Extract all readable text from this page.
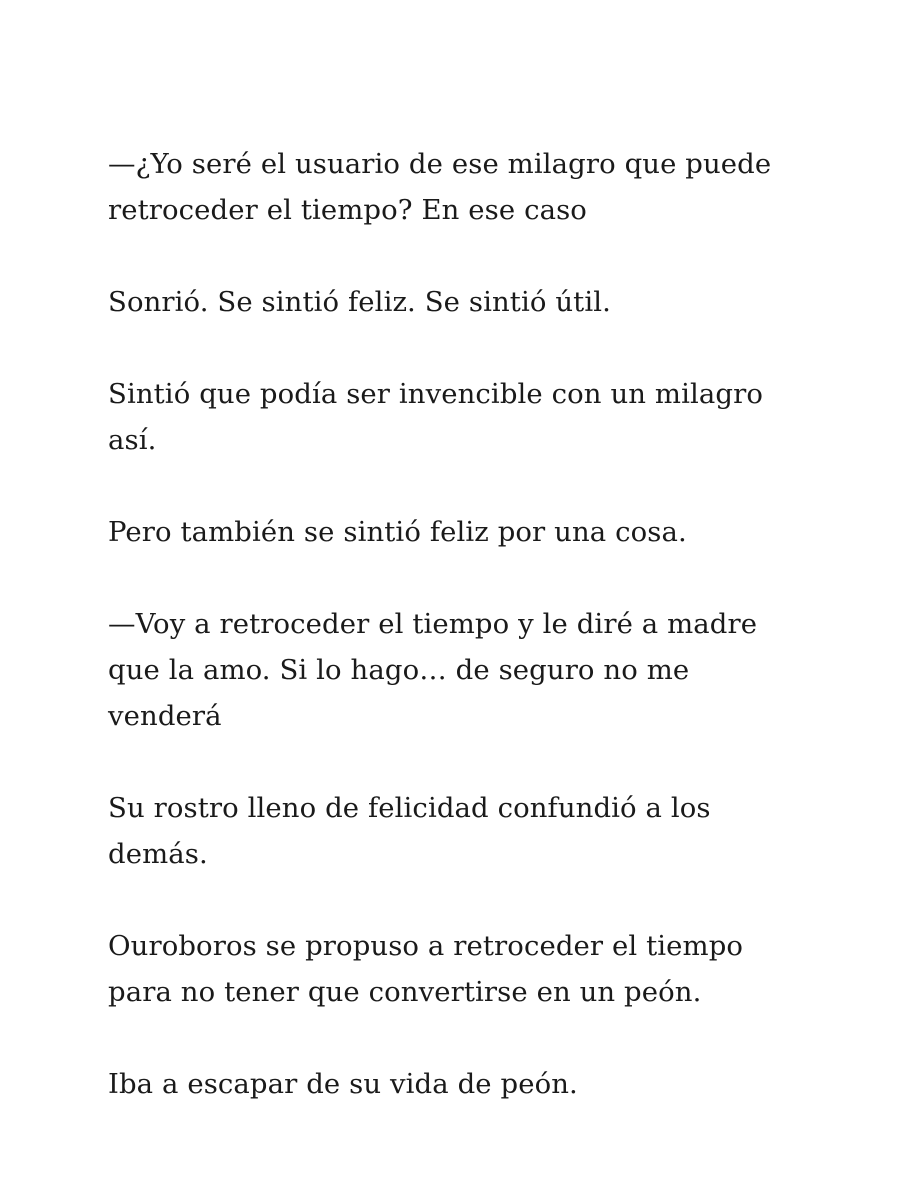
—¿Yo seré el usuario de ese milagro que puede
retroceder el tiempo? En ese caso

Sonrió. Se sintió feliz. Se sintió útil.

Sintió que podía ser invencible con un milagro
así.

Pero también se sintió feliz por una cosa.

—Voy a retroceder el tiempo y le diré a madre
que la amo. Si lo hago… de seguro no me
venderá

Su rostro lleno de felicidad confundió a los
demás.

Ouroboros se propuso a retroceder el tiempo
para no tener que convertirse en un peón.

Iba a escapar de su vida de peón.
